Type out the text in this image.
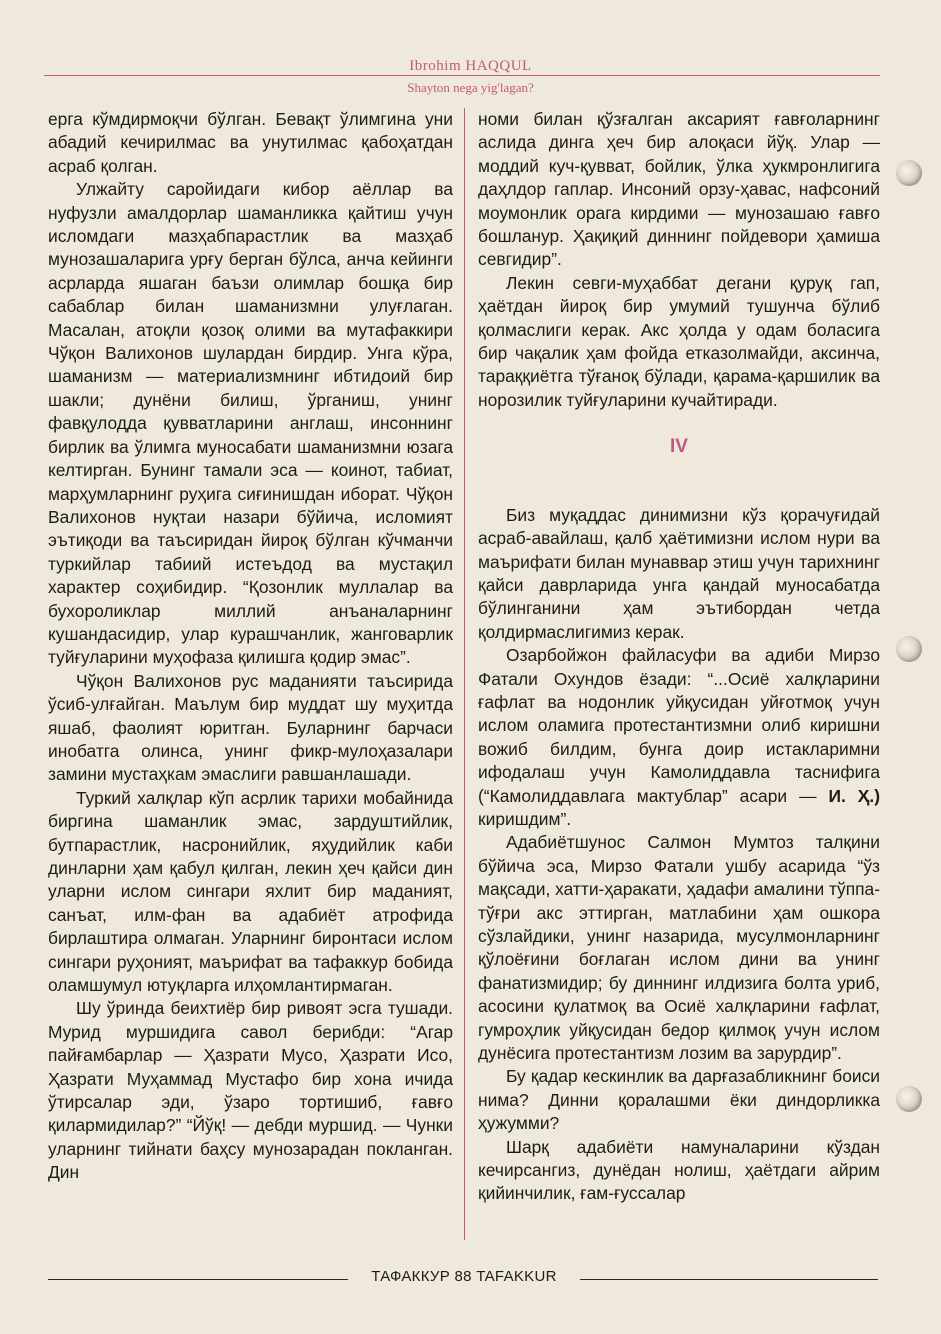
Ibrohim HAQQUL
Shayton nega yig'lagan?

ерга кўмдирмоқчи бўлган. Бевақт ўлимгина уни абадий кечирилмас ва унутилмас қабоҳатдан асраб қолган.

Улжайту саройидаги кибор аёллар ва нуфузли амалдорлар шаманликка қайтиш учун исломдаги мазҳабпарастлик ва мазҳаб мунозашаларига урғу берган бўлса, анча кейинги асрларда яшаган баъзи олимлар бошқа бир сабаблар билан шаманизмни улуғлаган. Масалан, атоқли қозоқ олими ва мутафаккири Чўқон Валихонов шулардан бирдир. Унга кўра, шаманизм — материализмнинг ибтидоий бир шакли; дунёни билиш, ўрганиш, унинг фавқулодда қувватларини англаш, инсоннинг бирлик ва ўлимга муносабати шаманизмни юзага келтирган. Бунинг тамали эса — коинот, табиат, марҳумларнинг руҳига сиғинишдан иборат. Чўқон Валихонов нуқтаи назари бўйича, исломият эътиқоди ва таъсиридан йироқ бўлган кўчманчи туркийлар табиий истеъдод ва мустақил характер соҳибидир. “Қозонлик муллалар ва бухороликлар миллий анъаналарнинг кушандасидир, улар курашчанлик, жанговарлик туйғуларини муҳофаза қилишга қодир эмас”.

Чўқон Валихонов рус маданияти таъсирида ўсиб-улғайган. Маълум бир муддат шу муҳитда яшаб, фаолият юритган. Буларнинг барчаси инобатга олинса, унинг фикр-мулоҳазалари замини мустаҳкам эмаслиги равшанлашади.

Туркий халқлар кўп асрлик тарихи мобайнида биргина шаманлик эмас, зардуштийлик, бутпарастлик, насронийлик, яҳудийлик каби динларни ҳам қабул қилган, лекин ҳеч қайси дин уларни ислом сингари яхлит бир маданият, санъат, илм-фан ва адабиёт атрофида бирлаштира олмаган. Уларнинг биронтаси ислом сингари руҳоният, маърифат ва тафаккур бобида оламшумул ютуқларга илҳомлантирмаган.

Шу ўринда беихтиёр бир ривоят эсга тушади. Мурид муршидига савол берибди: “Агар пайғамбарлар — Ҳазрати Мусо, Ҳазрати Исо, Ҳазрати Муҳаммад Мустафо бир хона ичида ўтирсалар эди, ўзаро тортишиб, ғавғо қилармидилар?” “Йўқ! — дебди муршид. — Чунки уларнинг тийнати баҳсу мунозарадан покланган. Дин

номи билан қўзғалган аксарият ғавғоларнинг аслида динга ҳеч бир алоқаси йўқ. Улар — моддий куч-қувват, бойлик, ўлка ҳукмронлигига даҳлдор гаплар. Инсоний орзу-ҳавас, нафсоний моумонлик орага кирдими — мунозашаю ғавғо бошланур. Ҳақиқий диннинг пойдевори ҳамиша севгидир”.

Лекин севги-муҳаббат дегани қуруқ гап, ҳаётдан йироқ бир умумий тушунча бўлиб қолмаслиги керак. Акс ҳолда у одам боласига бир чақалик ҳам фойда етказолмайди, аксинча, тараққиётга тўғаноқ бўлади, қарама-қаршилик ва норозилик туйғуларини кучайтиради.

IV

Биз муқаддас динимизни кўз қорачуғидай асраб-авайлаш, қалб ҳаётимизни ислом нури ва маърифати билан мунаввар этиш учун тарихнинг қайси даврларида унга қандай муносабатда бўлинганини ҳам эътибордан четда қолдирмаслигимиз керак.

Озарбойжон файласуфи ва адиби Мирзо Фатали Охундов ёзади: “...Осиё халқларини ғафлат ва нодонлик уйқусидан уйғотмоқ учун ислом оламига протестантизмни олиб киришни вожиб билдим, бунга доир истакларимни ифодалаш учун Камолиддавла таснифига (“Камолиддавлага мактублар” асари — И. Ҳ.) киришдим”.

Адабиётшунос Салмон Мумтоз талқини бўйича эса, Мирзо Фатали ушбу асарида “ўз мақсади, хатти-ҳаракати, ҳадафи амалини тўппа-тўғри акс эттирган, матлабини ҳам ошкора сўзлайдики, унинг назарида, мусулмонларнинг қўлоёғини боғлаган ислом дини ва унинг фанатизмидир; бу диннинг илдизига болта уриб, асосини қулатмоқ ва Осиё халқларини ғафлат, гумроҳлик уйқусидан бедор қилмоқ учун ислом дунёсига протестантизм лозим ва зарурдир”.

Бу қадар кескинлик ва дарғазабликнинг боиси нима? Динни қоралашми ёки диндорликка ҳужумми?

Шарқ адабиёти намуналарини кўздан кечирсангиз, дунёдан нолиш, ҳаётдаги айрим қийинчилик, ғам-ғуссалар

ТАФАККУР 88 TAFAKKUR
